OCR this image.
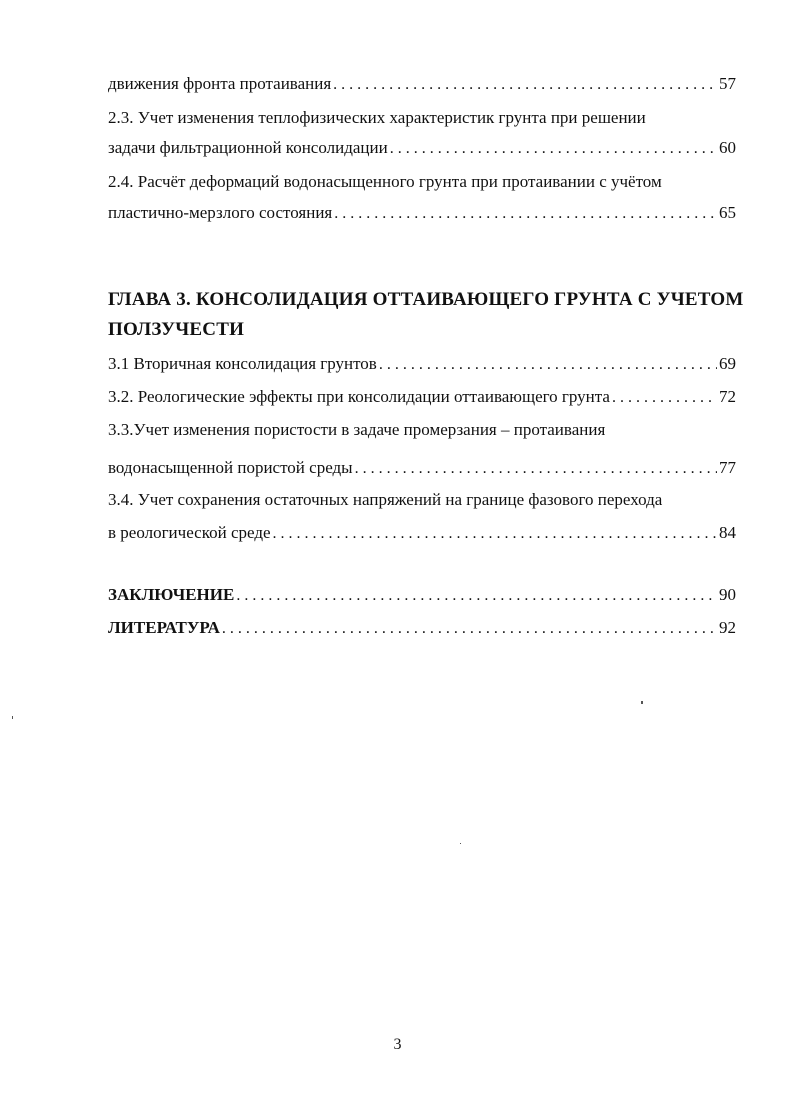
движения фронта протаивания . . .	57
2.3. Учет изменения теплофизических характеристик грунта при решении
задачи фильтрационной консолидации . . .	60
2.4. Расчёт деформаций водонасыщенного грунта при протаивании с учётом
пластично-мерзлого состояния . . .	65
ГЛАВА 3. КОНСОЛИДАЦИЯ ОТТАИВАЮЩЕГО ГРУНТА С УЧЕТОМ
ПОЛЗУЧЕСТИ
3.1 Вторичная консолидация грунтов . . .	69
3.2. Реологические эффекты при консолидации оттаивающего грунта . . .	72
3.3.Учет изменения пористости в задаче промерзания – протаивания
водонасыщенной пористой среды . . .	77
3.4. Учет сохранения остаточных напряжений на границе фазового перехода
в реологической среде . . .	84
ЗАКЛЮЧЕНИЕ . . .	90
ЛИТЕРАТУРА . . .	92
3
